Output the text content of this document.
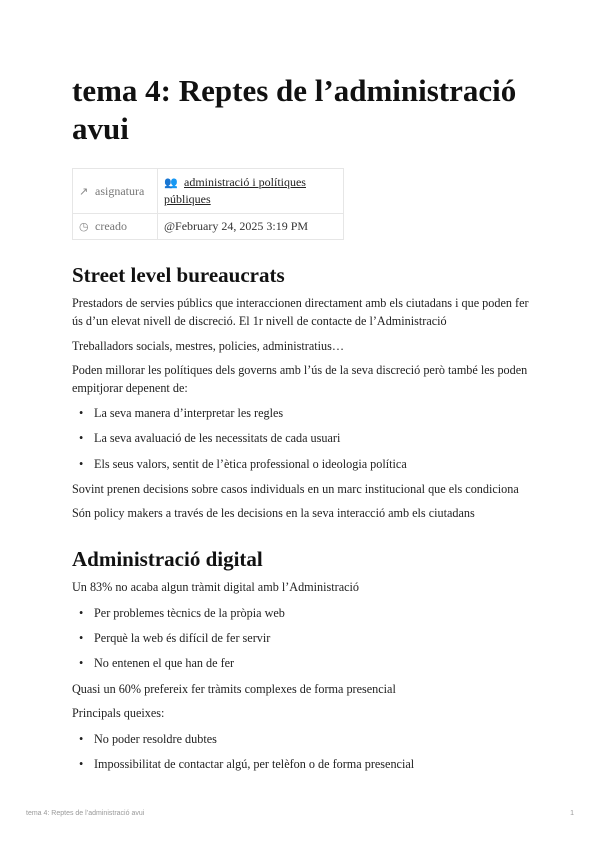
tema 4: Reptes de l’administració avui
↗ asignatura	👥 administració i polítiques públiques
◷ creado	@February 24, 2025 3:19 PM
Street level bureaucrats
Prestadors de servies públics que interaccionen directament amb els ciutadans i que poden fer ús d’un elevat nivell de discreció. El 1r nivell de contacte de l’Administració
Treballadors socials, mestres, policies, administratius…
Poden millorar les polítiques dels governs amb l’ús de la seva discreció però també les poden empitjorar depenent de:
• La seva manera d’interpretar les regles
• La seva avaluació de les necessitats de cada usuari
• Els seus valors, sentit de l’ètica professional o ideologia política
Sovint prenen decisions sobre casos individuals en un marc institucional que els condiciona
Són policy makers a través de les decisions en la seva interacció amb els ciutadans
Administració digital
Un 83% no acaba algun tràmit digital amb l’Administració
• Per problemes tècnics de la pròpia web
• Perquè la web és difícil de fer servir
• No entenen el que han de fer
Quasi un 60% prefereix fer tràmits complexes de forma presencial
Principals queixes:
• No poder resoldre dubtes
• Impossibilitat de contactar algú, per telèfon o de forma presencial
tema 4: Reptes de l’administració avui	1
